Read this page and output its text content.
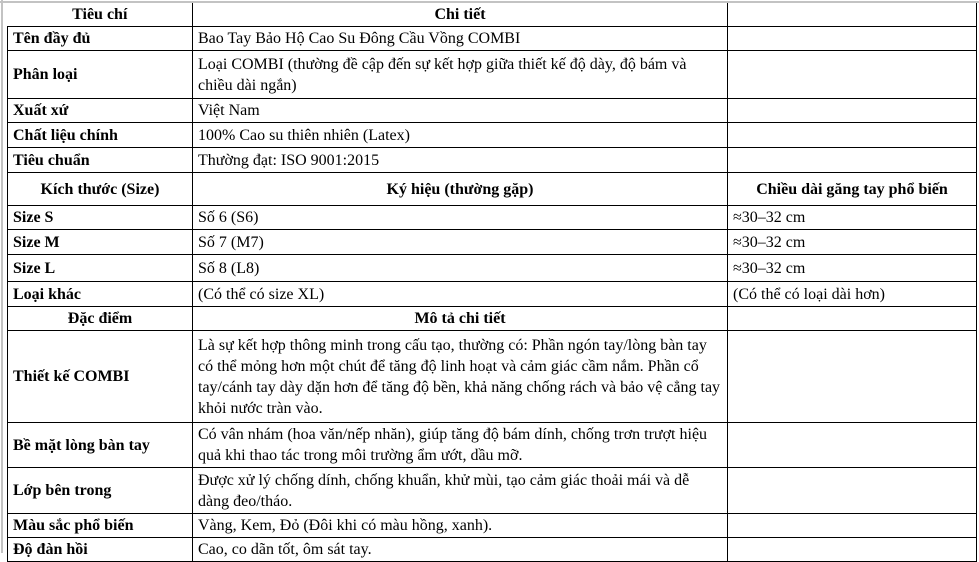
Tiêu chí	Chi tiết	
Tên đầy đủ	Bao Tay Bảo Hộ Cao Su Đông Cầu Vồng COMBI	
Phân loại	Loại COMBI (thường đề cập đến sự kết hợp giữa thiết kế độ dày, độ bám và chiều dài ngắn)	
Xuất xứ	Việt Nam	
Chất liệu chính	100% Cao su thiên nhiên (Latex)	
Tiêu chuẩn	Thường đạt: ISO 9001:2015	
Kích thước (Size)	Ký hiệu (thường gặp)	Chiều dài găng tay phổ biến
Size S	Số 6 (S6)	≈30–32 cm
Size M	Số 7 (M7)	≈30–32 cm
Size L	Số 8 (L8)	≈30–32 cm
Loại khác	(Có thể có size XL)	(Có thể có loại dài hơn)
Đặc điểm	Mô tả chi tiết	
Thiết kế COMBI	Là sự kết hợp thông minh trong cấu tạo, thường có: Phần ngón tay/lòng bàn tay có thể mỏng hơn một chút để tăng độ linh hoạt và cảm giác cầm nắm. Phần cổ tay/cánh tay dày dặn hơn để tăng độ bền, khả năng chống rách và bảo vệ cẳng tay khỏi nước tràn vào.	
Bề mặt lòng bàn tay	Có vân nhám (hoa văn/nếp nhăn), giúp tăng độ bám dính, chống trơn trượt hiệu quả khi thao tác trong môi trường ẩm ướt, dầu mỡ.	
Lớp bên trong	Được xử lý chống dính, chống khuẩn, khử mùi, tạo cảm giác thoải mái và dễ dàng đeo/tháo.	
Màu sắc phổ biến	Vàng, Kem, Đỏ (Đôi khi có màu hồng, xanh).	
Độ đàn hồi	Cao, co dãn tốt, ôm sát tay.	
